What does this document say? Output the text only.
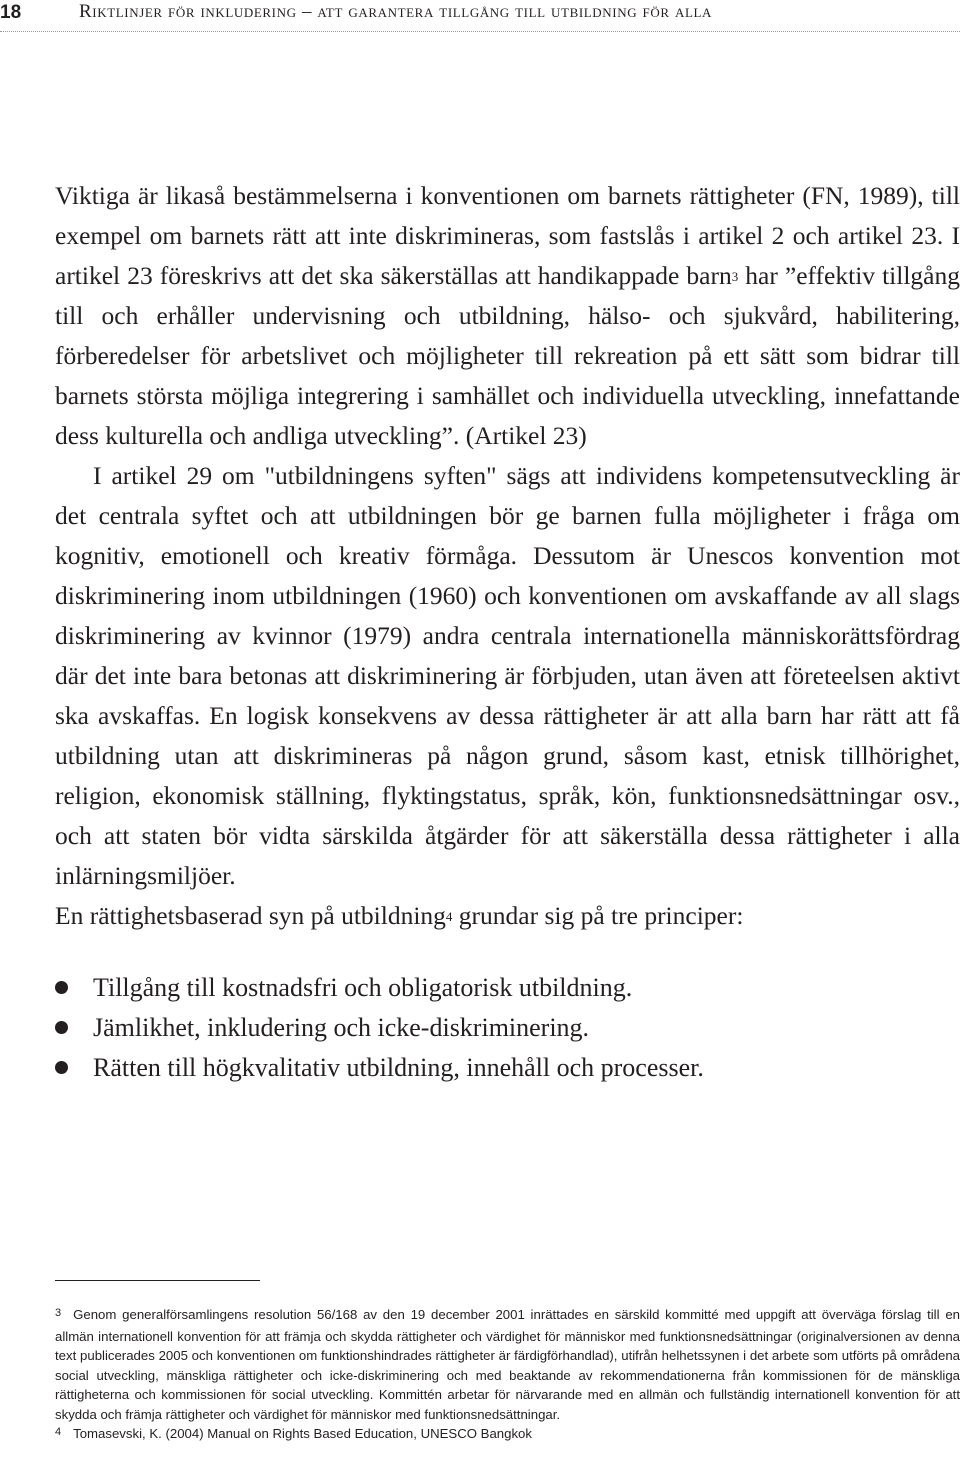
18	Riktlinjer för inkludering – att garantera tillgång till utbildning för alla

Viktiga är likaså bestämmelserna i konventionen om barnets rättigheter (FN, 1989), till exempel om barnets rätt att inte diskrimineras, som fastslås i artikel 2 och artikel 23. I artikel 23 föreskrivs att det ska säkerställas att handikappade barn$^3$ har ”effektiv tillgång till och erhåller undervisning och utbildning, hälso- och sjukvård, habilitering, förberedelser för arbetslivet och möjligheter till rekreation på ett sätt som bidrar till barnets största möjliga integrering i samhället och individuella utveckling, innefattande dess kulturella och andliga utveckling”. (Artikel 23)

I artikel 29 om "utbildningens syften" sägs att individens kompetensutveckling är det centrala syftet och att utbildningen bör ge barnen fulla möjligheter i fråga om kognitiv, emotionell och kreativ förmåga. Dessutom är Unescos konvention mot diskriminering inom utbildningen (1960) och konventionen om avskaffande av all slags diskriminering av kvinnor (1979) andra centrala internationella människorättsfördrag där det inte bara betonas att diskriminering är förbjuden, utan även att företeelsen aktivt ska avskaffas. En logisk konsekvens av dessa rättigheter är att alla barn har rätt att få utbildning utan att diskrimineras på någon grund, såsom kast, etnisk tillhörighet, religion, ekonomisk ställning, flyktingstatus, språk, kön, funktionsnedsättningar osv., och att staten bör vidta särskilda åtgärder för att säkerställa dessa rättigheter i alla inlärningsmiljöer.

En rättighetsbaserad syn på utbildning$^4$ grundar sig på tre principer:

Tillgång till kostnadsfri och obligatorisk utbildning.
Jämlikhet, inkludering och icke-diskriminering.
Rätten till högkvalitativ utbildning, innehåll och processer.

$^3$ Genom generalförsamlingens resolution 56/168 av den 19 december 2001 inrättades en särskild kommitté med uppgift att överväga förslag till en allmän internationell konvention för att främja och skydda rättigheter och värdighet för människor med funktionsnedsättningar (originalversionen av denna text publicerades 2005 och konventionen om funktionshindrades rättigheter är färdigförhandlad), utifrån helhetssynen i det arbete som utförts på områdena social utveckling, mänskliga rättigheter och icke-diskriminering och med beaktande av rekommendationerna från kommissionen för de mänskliga rättigheterna och kommissionen för social utveckling. Kommittén arbetar för närvarande med en allmän och fullständig internationell konvention för att skydda och främja rättigheter och värdighet för människor med funktionsnedsättningar.

$^4$ Tomasevski, K. (2004) Manual on Rights Based Education, UNESCO Bangkok
